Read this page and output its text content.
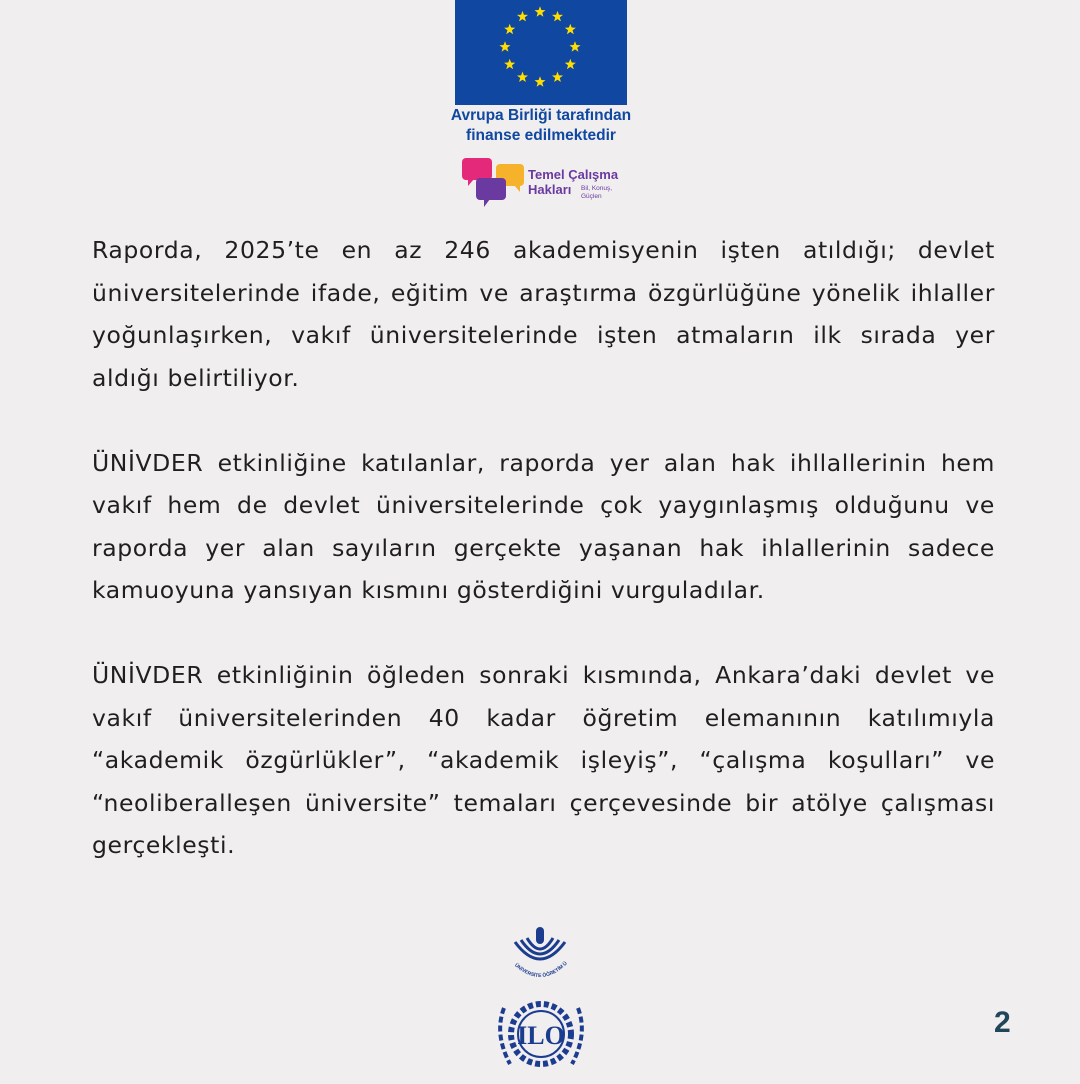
Avrupa Birliği tarafından
finanse edilmektedir
Temel Çalışma
Hakları Bil, Konuş, Güçlen

Raporda, 2025’te en az 246 akademisyenin işten atıldığı; devlet üniversitelerinde ifade, eğitim ve araştırma özgürlüğüne yönelik ihlaller yoğunlaşırken, vakıf üniversitelerinde işten atmaların ilk sırada yer aldığı belirtiliyor.

ÜNİVDER etkinliğine katılanlar, raporda yer alan hak ihllallerinin hem vakıf hem de devlet üniversitelerinde çok yaygınlaşmış olduğunu ve raporda yer alan sayıların gerçekte yaşanan hak ihlallerinin sadece kamuoyuna yansıyan kısmını gösterdiğini vurguladılar.

ÜNİVDER etkinliğinin öğleden sonraki kısmında, Ankara’daki devlet ve vakıf üniversitelerinden 40 kadar öğretim elemanının katılımıyla “akademik özgürlükler”, “akademik işleyiş”, “çalışma koşulları” ve “neoliberalleşen üniversite” temaları çerçevesinde bir atölye çalışması gerçekleşti.

ÜNİVERSİTE ÖĞRETİM Ü
ILO	2
